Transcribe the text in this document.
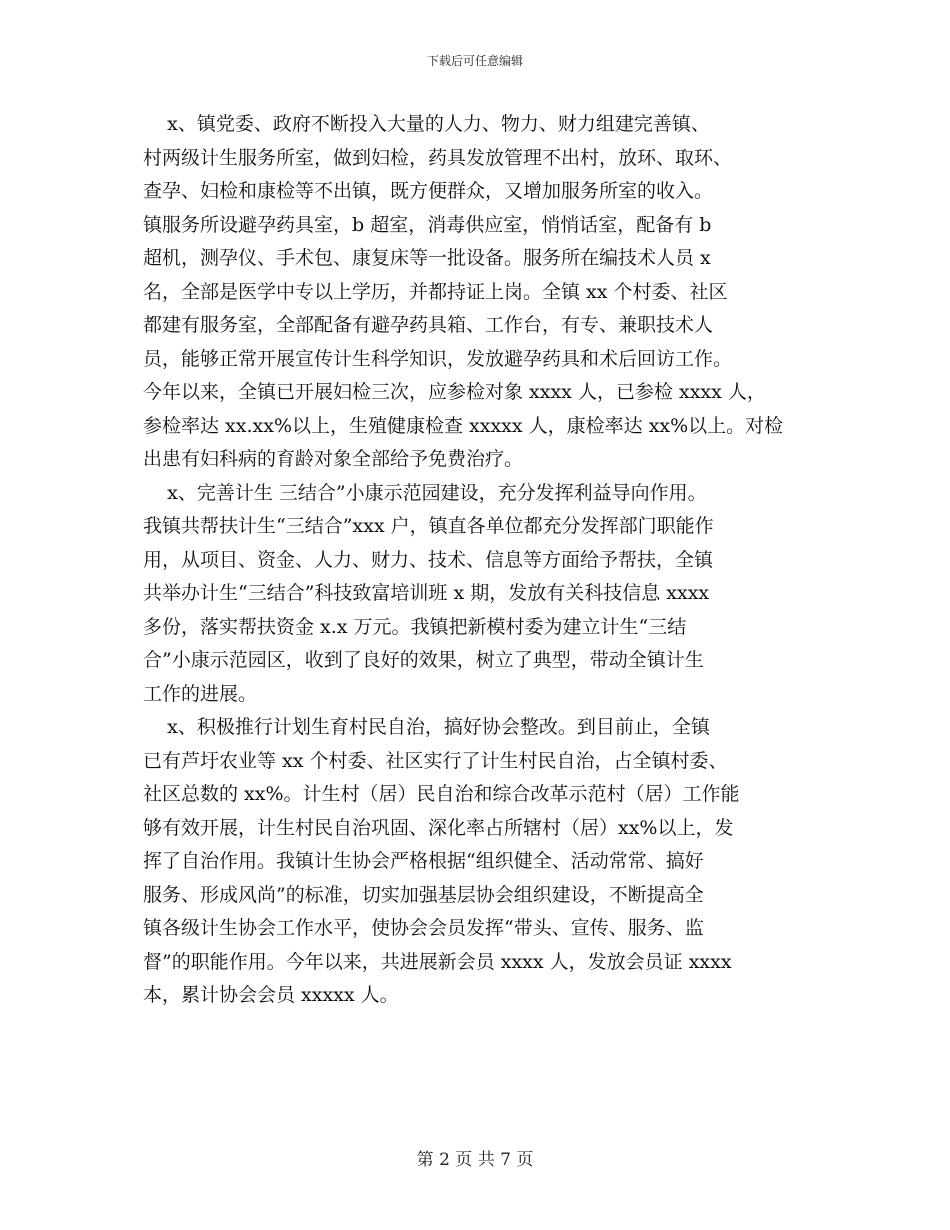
下载后可任意编辑
x、镇党委、政府不断投入大量的人力、物力、财力组建完善镇、
村两级计生服务所室，做到妇检，药具发放管理不出村，放环、取环、
查孕、妇检和康检等不出镇，既方便群众，又增加服务所室的收入。
镇服务所设避孕药具室，b 超室，消毒供应室，悄悄话室，配备有 b
超机，测孕仪、手术包、康复床等一批设备。服务所在编技术人员 x
名，全部是医学中专以上学历，并都持证上岗。全镇 xx 个村委、社区
都建有服务室，全部配备有避孕药具箱、工作台，有专、兼职技术人
员，能够正常开展宣传计生科学知识，发放避孕药具和术后回访工作。
今年以来，全镇已开展妇检三次，应参检对象 xxxx 人，已参检 xxxx 人，
参检率达 xx.xx%以上，生殖健康检查 xxxxx 人，康检率达 xx%以上。对检
出患有妇科病的育龄对象全部给予免费治疗。
x、完善计生 三结合”小康示范园建设，充分发挥利益导向作用。
我镇共帮扶计生“三结合”xxx 户，镇直各单位都充分发挥部门职能作
用，从项目、资金、人力、财力、技术、信息等方面给予帮扶，全镇
共举办计生“三结合”科技致富培训班 x 期，发放有关科技信息 xxxx
多份，落实帮扶资金 x.x 万元。我镇把新模村委为建立计生“三结
合”小康示范园区，收到了良好的效果，树立了典型，带动全镇计生
工作的进展。
x、积极推行计划生育村民自治，搞好协会整改。到目前止，全镇
已有芦圩农业等 xx 个村委、社区实行了计生村民自治，占全镇村委、
社区总数的 xx%。计生村（居）民自治和综合改革示范村（居）工作能
够有效开展，计生村民自治巩固、深化率占所辖村（居）xx%以上，发
挥了自治作用。我镇计生协会严格根据“组织健全、活动常常、搞好
服务、形成风尚”的标准，切实加强基层协会组织建设，不断提高全
镇各级计生协会工作水平，使协会会员发挥“带头、宣传、服务、监
督”的职能作用。今年以来，共进展新会员 xxxx 人，发放会员证 xxxx
本，累计协会会员 xxxxx 人。
第 2 页 共 7 页
